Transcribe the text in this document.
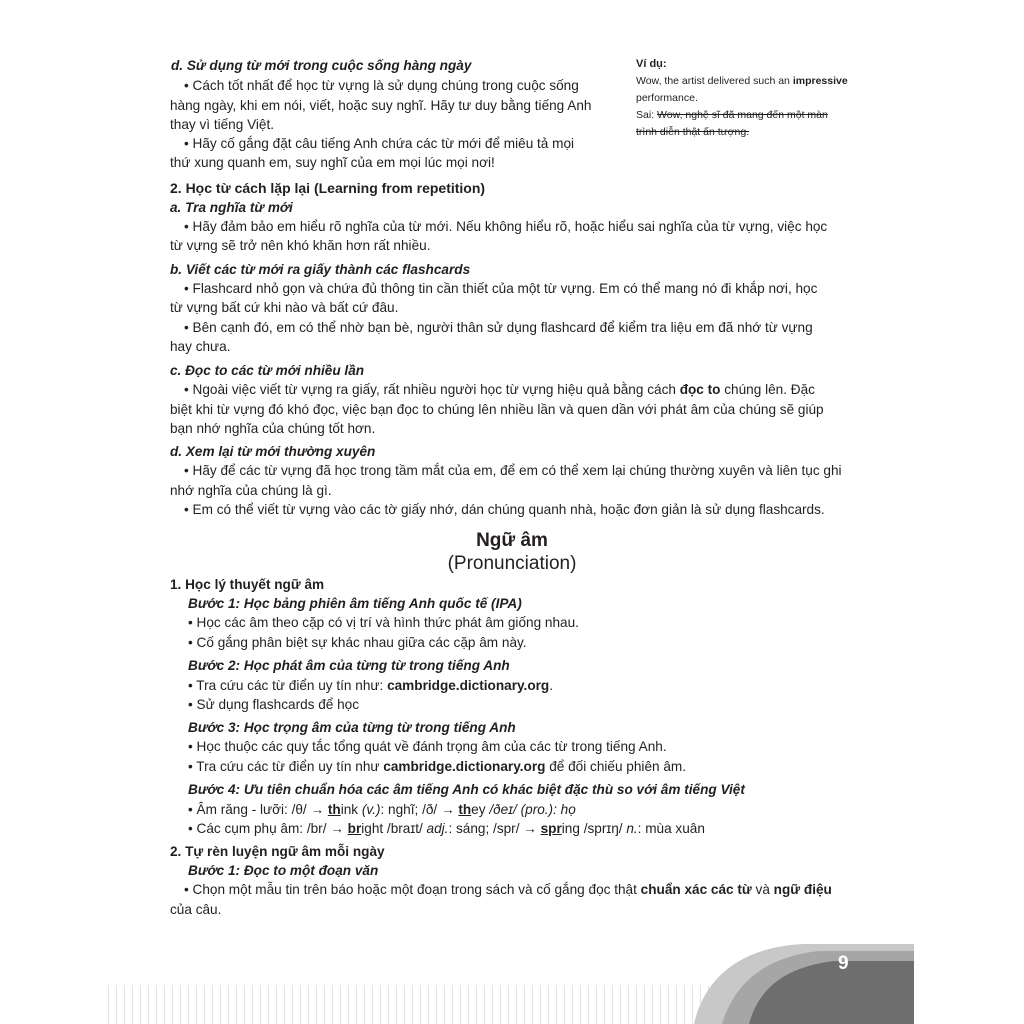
d. Sử dụng từ mới trong cuộc sống hàng ngày
• Cách tốt nhất để học từ vựng là sử dụng chúng trong cuộc sống
hàng ngày, khi em nói, viết, hoặc suy nghĩ. Hãy tư duy bằng tiếng Anh
thay vì tiếng Việt.
• Hãy cố gắng đặt câu tiếng Anh chứa các từ mới để miêu tả mọi
thứ xung quanh em, suy nghĩ của em mọi lúc mọi nơi!
Ví dụ:
Wow, the artist delivered such an impressive
performance.
Sai: Wow, nghệ sĩ đã mang đến một màn
trình diễn thật ấn tượng.
2. Học từ cách lặp lại (Learning from repetition)
a. Tra nghĩa từ mới
• Hãy đảm bảo em hiểu rõ nghĩa của từ mới. Nếu không hiểu rõ, hoặc hiểu sai nghĩa của từ vựng, việc học
từ vựng sẽ trở nên khó khăn hơn rất nhiều.
b. Viết các từ mới ra giấy thành các flashcards
• Flashcard nhỏ gọn và chứa đủ thông tin cần thiết của một từ vựng. Em có thể mang nó đi khắp nơi, học
từ vựng bất cứ khi nào và bất cứ đâu.
• Bên cạnh đó, em có thể nhờ bạn bè, người thân sử dụng flashcard để kiểm tra liệu em đã nhớ từ vựng
hay chưa.
c. Đọc to các từ mới nhiều lần
• Ngoài việc viết từ vựng ra giấy, rất nhiều người học từ vựng hiệu quả bằng cách đọc to chúng lên. Đặc
biệt khi từ vựng đó khó đọc, việc bạn đọc to chúng lên nhiều lần và quen dần với phát âm của chúng sẽ giúp
bạn nhớ nghĩa của chúng tốt hơn.
d. Xem lại từ mới thường xuyên
• Hãy để các từ vựng đã học trong tầm mắt của em, để em có thể xem lại chúng thường xuyên và liên tục ghi
nhớ nghĩa của chúng là gì.
• Em có thể viết từ vựng vào các tờ giấy nhớ, dán chúng quanh nhà, hoặc đơn giản là sử dụng flashcards.
Ngữ âm
(Pronunciation)
1. Học lý thuyết ngữ âm
Bước 1: Học bảng phiên âm tiếng Anh quốc tế (IPA)
• Học các âm theo cặp có vị trí và hình thức phát âm giống nhau.
• Cố gắng phân biệt sự khác nhau giữa các cặp âm này.
Bước 2: Học phát âm của từng từ trong tiếng Anh
• Tra cứu các từ điển uy tín như: cambridge.dictionary.org.
• Sử dụng flashcards để học
Bước 3: Học trọng âm của từng từ trong tiếng Anh
• Học thuộc các quy tắc tổng quát về đánh trọng âm của các từ trong tiếng Anh.
• Tra cứu các từ điển uy tín như cambridge.dictionary.org để đối chiếu phiên âm.
Bước 4: Ưu tiên chuẩn hóa các âm tiếng Anh có khác biệt đặc thù so với âm tiếng Việt
• Âm răng - lưỡi: /θ/ → think (v.): nghĩ; /ð/ → they /ðeɪ/ (pro.): họ
• Các cụm phụ âm: /br/ → bright /braɪt/ adj.: sáng; /spr/ → spring /sprɪŋ/ n.: mùa xuân
2. Tự rèn luyện ngữ âm mỗi ngày
Bước 1: Đọc to một đoạn văn
• Chọn một mẫu tin trên báo hoặc một đoạn trong sách và cố gắng đọc thật chuẩn xác các từ và ngữ điệu
của câu.
9
